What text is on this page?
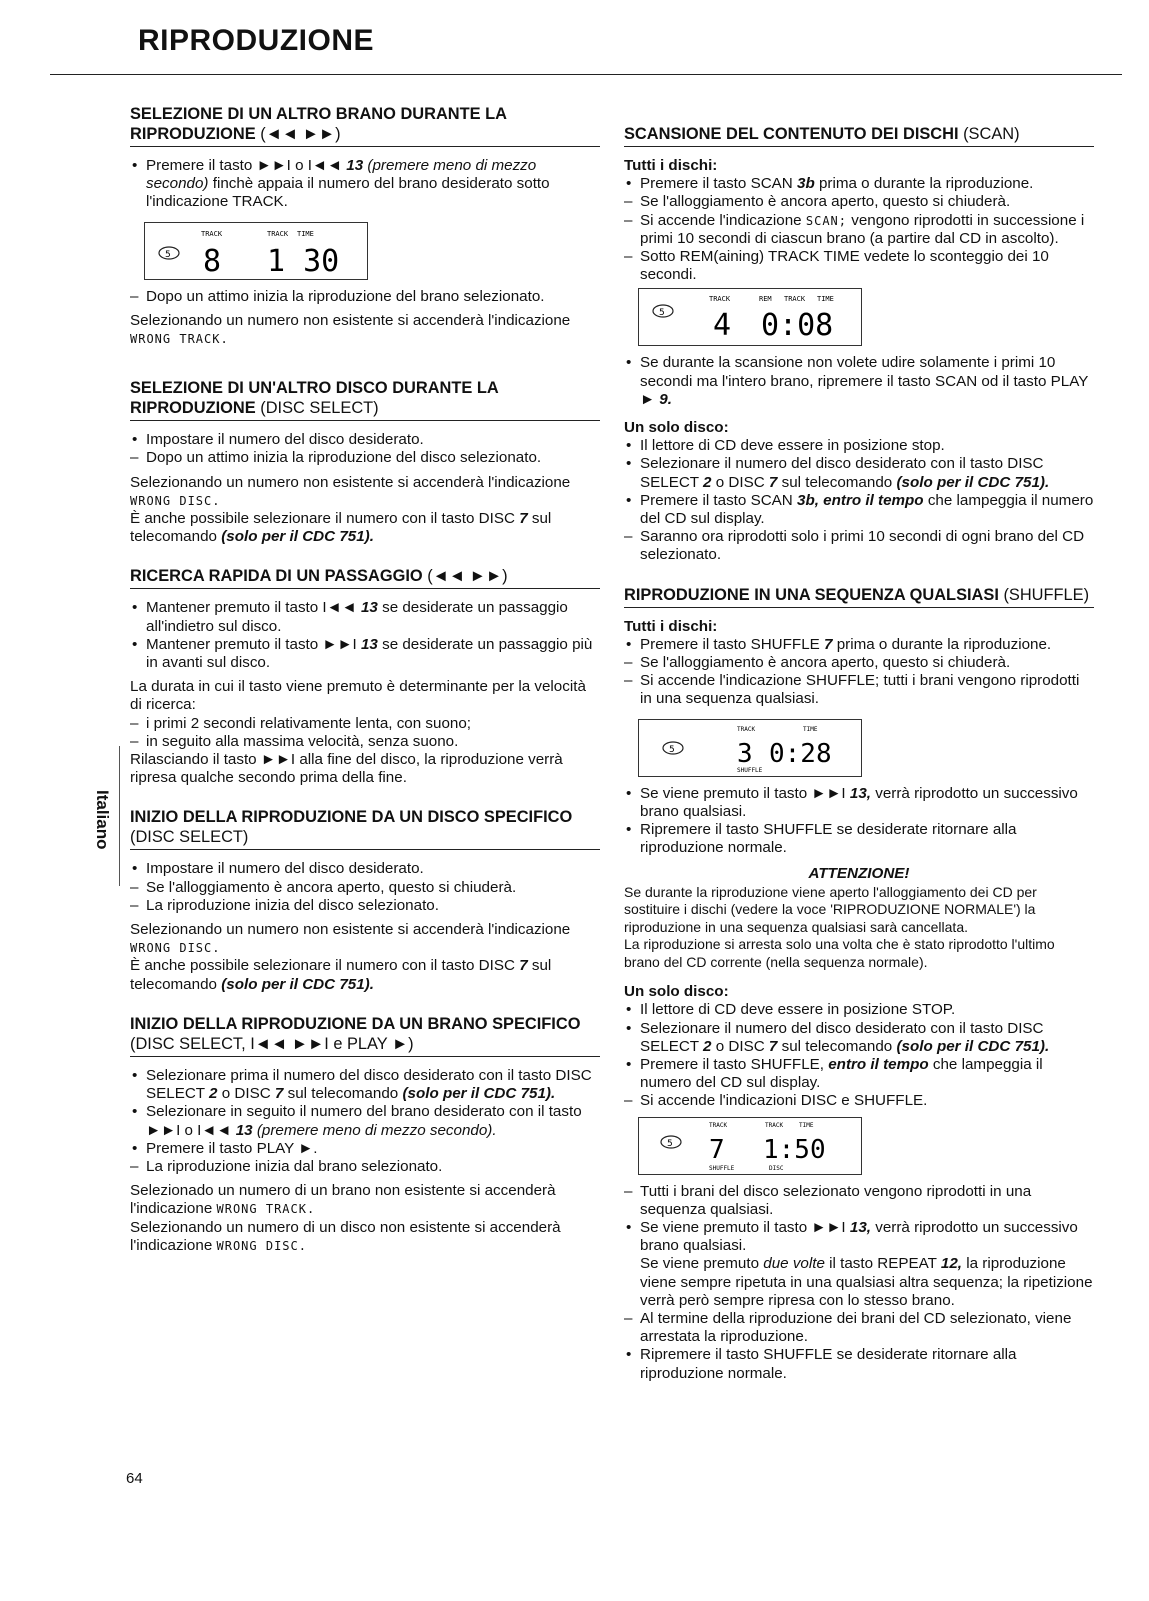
RIPRODUZIONE
Italiano
SELEZIONE DI UN ALTRO BRANO DURANTE LA RIPRODUZIONE (◄◄ ►►)
• Premere il tasto ►►I o I◄◄ 13 (premere meno di mezzo secondo) finchè appaia il numero del brano desiderato sotto l'indicazione TRACK.
5
TRACK	TRACK TIME
8 1 30
– Dopo un attimo inizia la riproduzione del brano selezionato.
Selezionando un numero non esistente si accenderà l'indicazione WRONG TRACK.
SELEZIONE DI UN'ALTRO DISCO DURANTE LA RIPRODUZIONE (DISC SELECT)
• Impostare il numero del disco desiderato.
– Dopo un attimo inizia la riproduzione del disco selezionato.
Selezionando un numero non esistente si accenderà l'indicazione WRONG DISC.
È anche possibile selezionare il numero con il tasto DISC 7 sul telecomando (solo per il CDC 751).
RICERCA RAPIDA DI UN PASSAGGIO (◄◄ ►►)
• Mantener premuto il tasto I◄◄ 13 se desiderate un passaggio all'indietro sul disco.
• Mantener premuto il tasto ►►I 13 se desiderate un passaggio più in avanti sul disco.
La durata in cui il tasto viene premuto è determinante per la velocità di ricerca:
– i primi 2 secondi relativamente lenta, con suono;
– in seguito alla massima velocità, senza suono.
Rilasciando il tasto ►►I alla fine del disco, la riproduzione verrà ripresa qualche secondo prima della fine.
INIZIO DELLA RIPRODUZIONE DA UN DISCO SPECIFICO (DISC SELECT)
• Impostare il numero del disco desiderato.
– Se l'alloggiamento è ancora aperto, questo si chiuderà.
– La riproduzione inizia del disco selezionato.
Selezionando un numero non esistente si accenderà l'indicazione WRONG DISC.
È anche possibile selezionare il numero con il tasto DISC 7 sul telecomando (solo per il CDC 751).
INIZIO DELLA RIPRODUZIONE DA UN BRANO SPECIFICO (DISC SELECT, I◄◄ ►►I e PLAY ►)
• Selezionare prima il numero del disco desiderato con il tasto DISC SELECT 2 o DISC 7 sul telecomando (solo per il CDC 751).
• Selezionare in seguito il numero del brano desiderato con il tasto ►►I o I◄◄ 13 (premere meno di mezzo secondo).
• Premere il tasto PLAY ►.
– La riproduzione inizia dal brano selezionato.
Selezionado un numero di un brano non esistente si accenderà l'indicazione WRONG TRACK.
Selezionando un numero di un disco non esistente si accenderà l'indicazione WRONG DISC.
SCANSIONE DEL CONTENUTO DEI DISCHI (SCAN)
Tutti i dischi:
• Premere il tasto SCAN 3b prima o durante la riproduzione.
– Se l'alloggiamento è ancora aperto, questo si chiuderà.
– Si accende l'indicazione SCAN; vengono riprodotti in successione i primi 10 secondi di ciascun brano (a partire dal CD in ascolto).
– Sotto REM(aining) TRACK TIME vedete lo sconteggio dei 10 secondi.
5
TRACK	REM TRACK TIME
4 0:08
• Se durante la scansione non volete udire solamente i primi 10 secondi ma l'intero brano, ripremere il tasto SCAN od il tasto PLAY ► 9.
Un solo disco:
• Il lettore di CD deve essere in posizione stop.
• Selezionare il numero del disco desiderato con il tasto DISC SELECT 2 o DISC 7 sul telecomando (solo per il CDC 751).
• Premere il tasto SCAN 3b, entro il tempo che lampeggia il numero del CD sul display.
– Saranno ora riprodotti solo i primi 10 secondi di ogni brano del CD selezionato.
RIPRODUZIONE IN UNA SEQUENZA QUALSIASI (SHUFFLE)
Tutti i dischi:
• Premere il tasto SHUFFLE 7 prima o durante la riproduzione.
– Se l'alloggiamento è ancora aperto, questo si chiuderà.
– Si accende l'indicazione SHUFFLE; tutti i brani vengono riprodotti in una sequenza qualsiasi.
5
TRACK	TIME
SHUFFLE
3 0:28
• Se viene premuto il tasto ►►I 13, verrà riprodotto un successivo brano qualsiasi.
• Ripremere il tasto SHUFFLE se desiderate ritornare alla riproduzione normale.
ATTENZIONE!
Se durante la riproduzione viene aperto l'alloggiamento dei CD per sostituire i dischi (vedere la voce 'RIPRODUZIONE NORMALE') la riproduzione in una sequenza qualsiasi sarà cancellata.
La riproduzione si arresta solo una volta che è stato riprodotto l'ultimo brano del CD corrente (nella sequenza normale).
Un solo disco:
• Il lettore di CD deve essere in posizione STOP.
• Selezionare il numero del disco desiderato con il tasto DISC SELECT 2 o DISC 7 sul telecomando (solo per il CDC 751).
• Premere il tasto SHUFFLE, entro il tempo che lampeggia il numero del CD sul display.
– Si accende l'indicazioni DISC e SHUFFLE.
5
TRACK	TRACK	TIME
SHUFFLE	DISC
7 1:50
– Tutti i brani del disco selezionato vengono riprodotti in una sequenza qualsiasi.
• Se viene premuto il tasto ►►I 13, verrà riprodotto un successivo brano qualsiasi.
Se viene premuto due volte il tasto REPEAT 12, la riproduzione viene sempre ripetuta in una qualsiasi altra sequenza; la ripetizione verrà però sempre ripresa con lo stesso brano.
– Al termine della riproduzione dei brani del CD selezionato, viene arrestata la riproduzione.
• Ripremere il tasto SHUFFLE se desiderate ritornare alla riproduzione normale.
64
